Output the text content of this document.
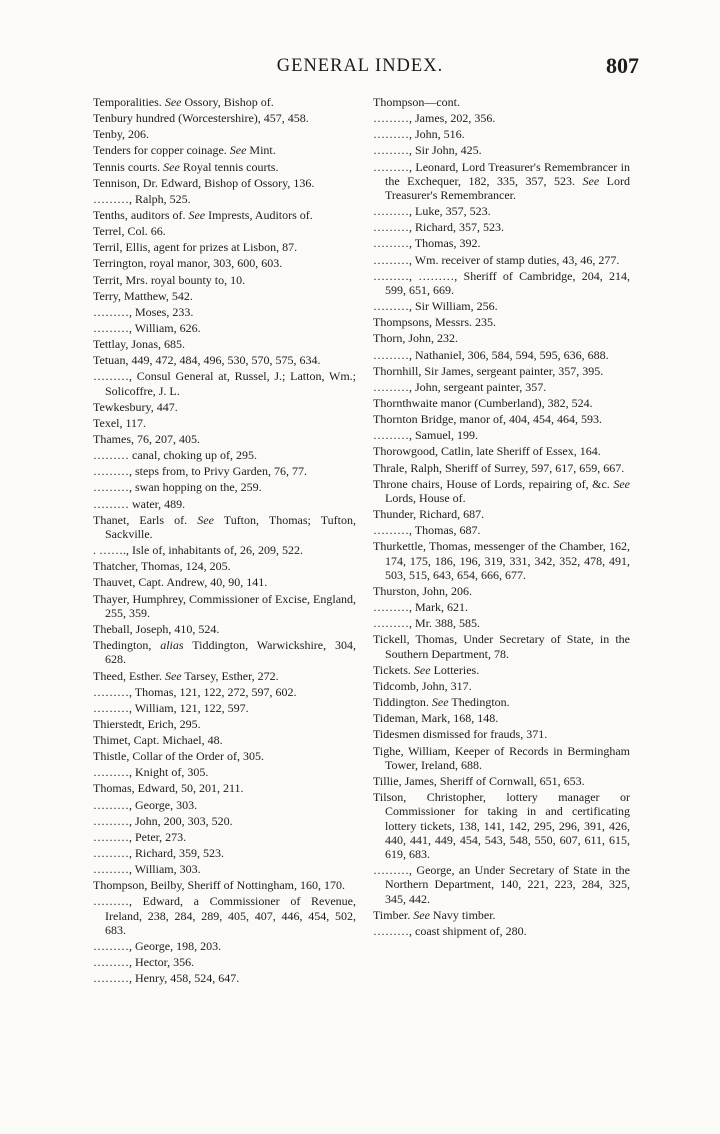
GENERAL INDEX.	807

Temporalities. See Ossory, Bishop of.

Tenbury hundred (Worcestershire), 457, 458.

Tenby, 206.

Tenders for copper coinage. See Mint.

Tennis courts. See Royal tennis courts.

Tennison, Dr. Edward, Bishop of Ossory, 136.

………, Ralph, 525.

Tenths, auditors of. See Imprests, Auditors of.

Terrel, Col. 66.

Terril, Ellis, agent for prizes at Lisbon, 87.

Terrington, royal manor, 303, 600, 603.

Territ, Mrs. royal bounty to, 10.

Terry, Matthew, 542.

………, Moses, 233.

………, William, 626.

Tettlay, Jonas, 685.

Tetuan, 449, 472, 484, 496, 530, 570, 575, 634.

………, Consul General at, Russel, J.; Latton, Wm.; Solicoffre, J. L.

Tewkesbury, 447.

Texel, 117.

Thames, 76, 207, 405.

……… canal, choking up of, 295.

………, steps from, to Privy Garden, 76, 77.

………, swan hopping on the, 259.

……… water, 489.

Thanet, Earls of. See Tufton, Thomas; Tufton, Sackville.

. ……., Isle of, inhabitants of, 26, 209, 522.

Thatcher, Thomas, 124, 205.

Thauvet, Capt. Andrew, 40, 90, 141.

Thayer, Humphrey, Commissioner of Excise, England, 255, 359.

Theball, Joseph, 410, 524.

Thedington, alias Tiddington, Warwickshire, 304, 628.

Theed, Esther. See Tarsey, Esther, 272.

………, Thomas, 121, 122, 272, 597, 602.

………, William, 121, 122, 597.

Thierstedt, Erich, 295.

Thimet, Capt. Michael, 48.

Thistle, Collar of the Order of, 305.

………, Knight of, 305.

Thomas, Edward, 50, 201, 211.

………, George, 303.

………, John, 200, 303, 520.

………, Peter, 273.

………, Richard, 359, 523.

………, William, 303.

Thompson, Beilby, Sheriff of Nottingham, 160, 170.

………, Edward, a Commissioner of Revenue, Ireland, 238, 284, 289, 405, 407, 446, 454, 502, 683.

………, George, 198, 203.

………, Hector, 356.

………, Henry, 458, 524, 647.

Thompson—cont.

………, James, 202, 356.

………, John, 516.

………, Sir John, 425.

………, Leonard, Lord Treasurer's Remembrancer in the Exchequer, 182, 335, 357, 523. See Lord Treasurer's Remembrancer.

………, Luke, 357, 523.

………, Richard, 357, 523.

………, Thomas, 392.

………, Wm. receiver of stamp duties, 43, 46, 277.

………, ………, Sheriff of Cambridge, 204, 214, 599, 651, 669.

………, Sir William, 256.

Thompsons, Messrs. 235.

Thorn, John, 232.

………, Nathaniel, 306, 584, 594, 595, 636, 688.

Thornhill, Sir James, sergeant painter, 357, 395.

………, John, sergeant painter, 357.

Thornthwaite manor (Cumberland), 382, 524.

Thornton Bridge, manor of, 404, 454, 464, 593.

………, Samuel, 199.

Thorowgood, Catlin, late Sheriff of Essex, 164.

Thrale, Ralph, Sheriff of Surrey, 597, 617, 659, 667.

Throne chairs, House of Lords, repairing of, &c. See Lords, House of.

Thunder, Richard, 687.

………, Thomas, 687.

Thurkettle, Thomas, messenger of the Chamber, 162, 174, 175, 186, 196, 319, 331, 342, 352, 478, 491, 503, 515, 643, 654, 666, 677.

Thurston, John, 206.

………, Mark, 621.

………, Mr. 388, 585.

Tickell, Thomas, Under Secretary of State, in the Southern Department, 78.

Tickets. See Lotteries.

Tidcomb, John, 317.

Tiddington. See Thedington.

Tideman, Mark, 168, 148.

Tidesmen dismissed for frauds, 371.

Tighe, William, Keeper of Records in Bermingham Tower, Ireland, 688.

Tillie, James, Sheriff of Cornwall, 651, 653.

Tilson, Christopher, lottery manager or Commissioner for taking in and certificating lottery tickets, 138, 141, 142, 295, 296, 391, 426, 440, 441, 449, 454, 543, 548, 550, 607, 611, 615, 619, 683.

………, George, an Under Secretary of State in the Northern Department, 140, 221, 223, 284, 325, 345, 442.

Timber. See Navy timber.

………, coast shipment of, 280.
